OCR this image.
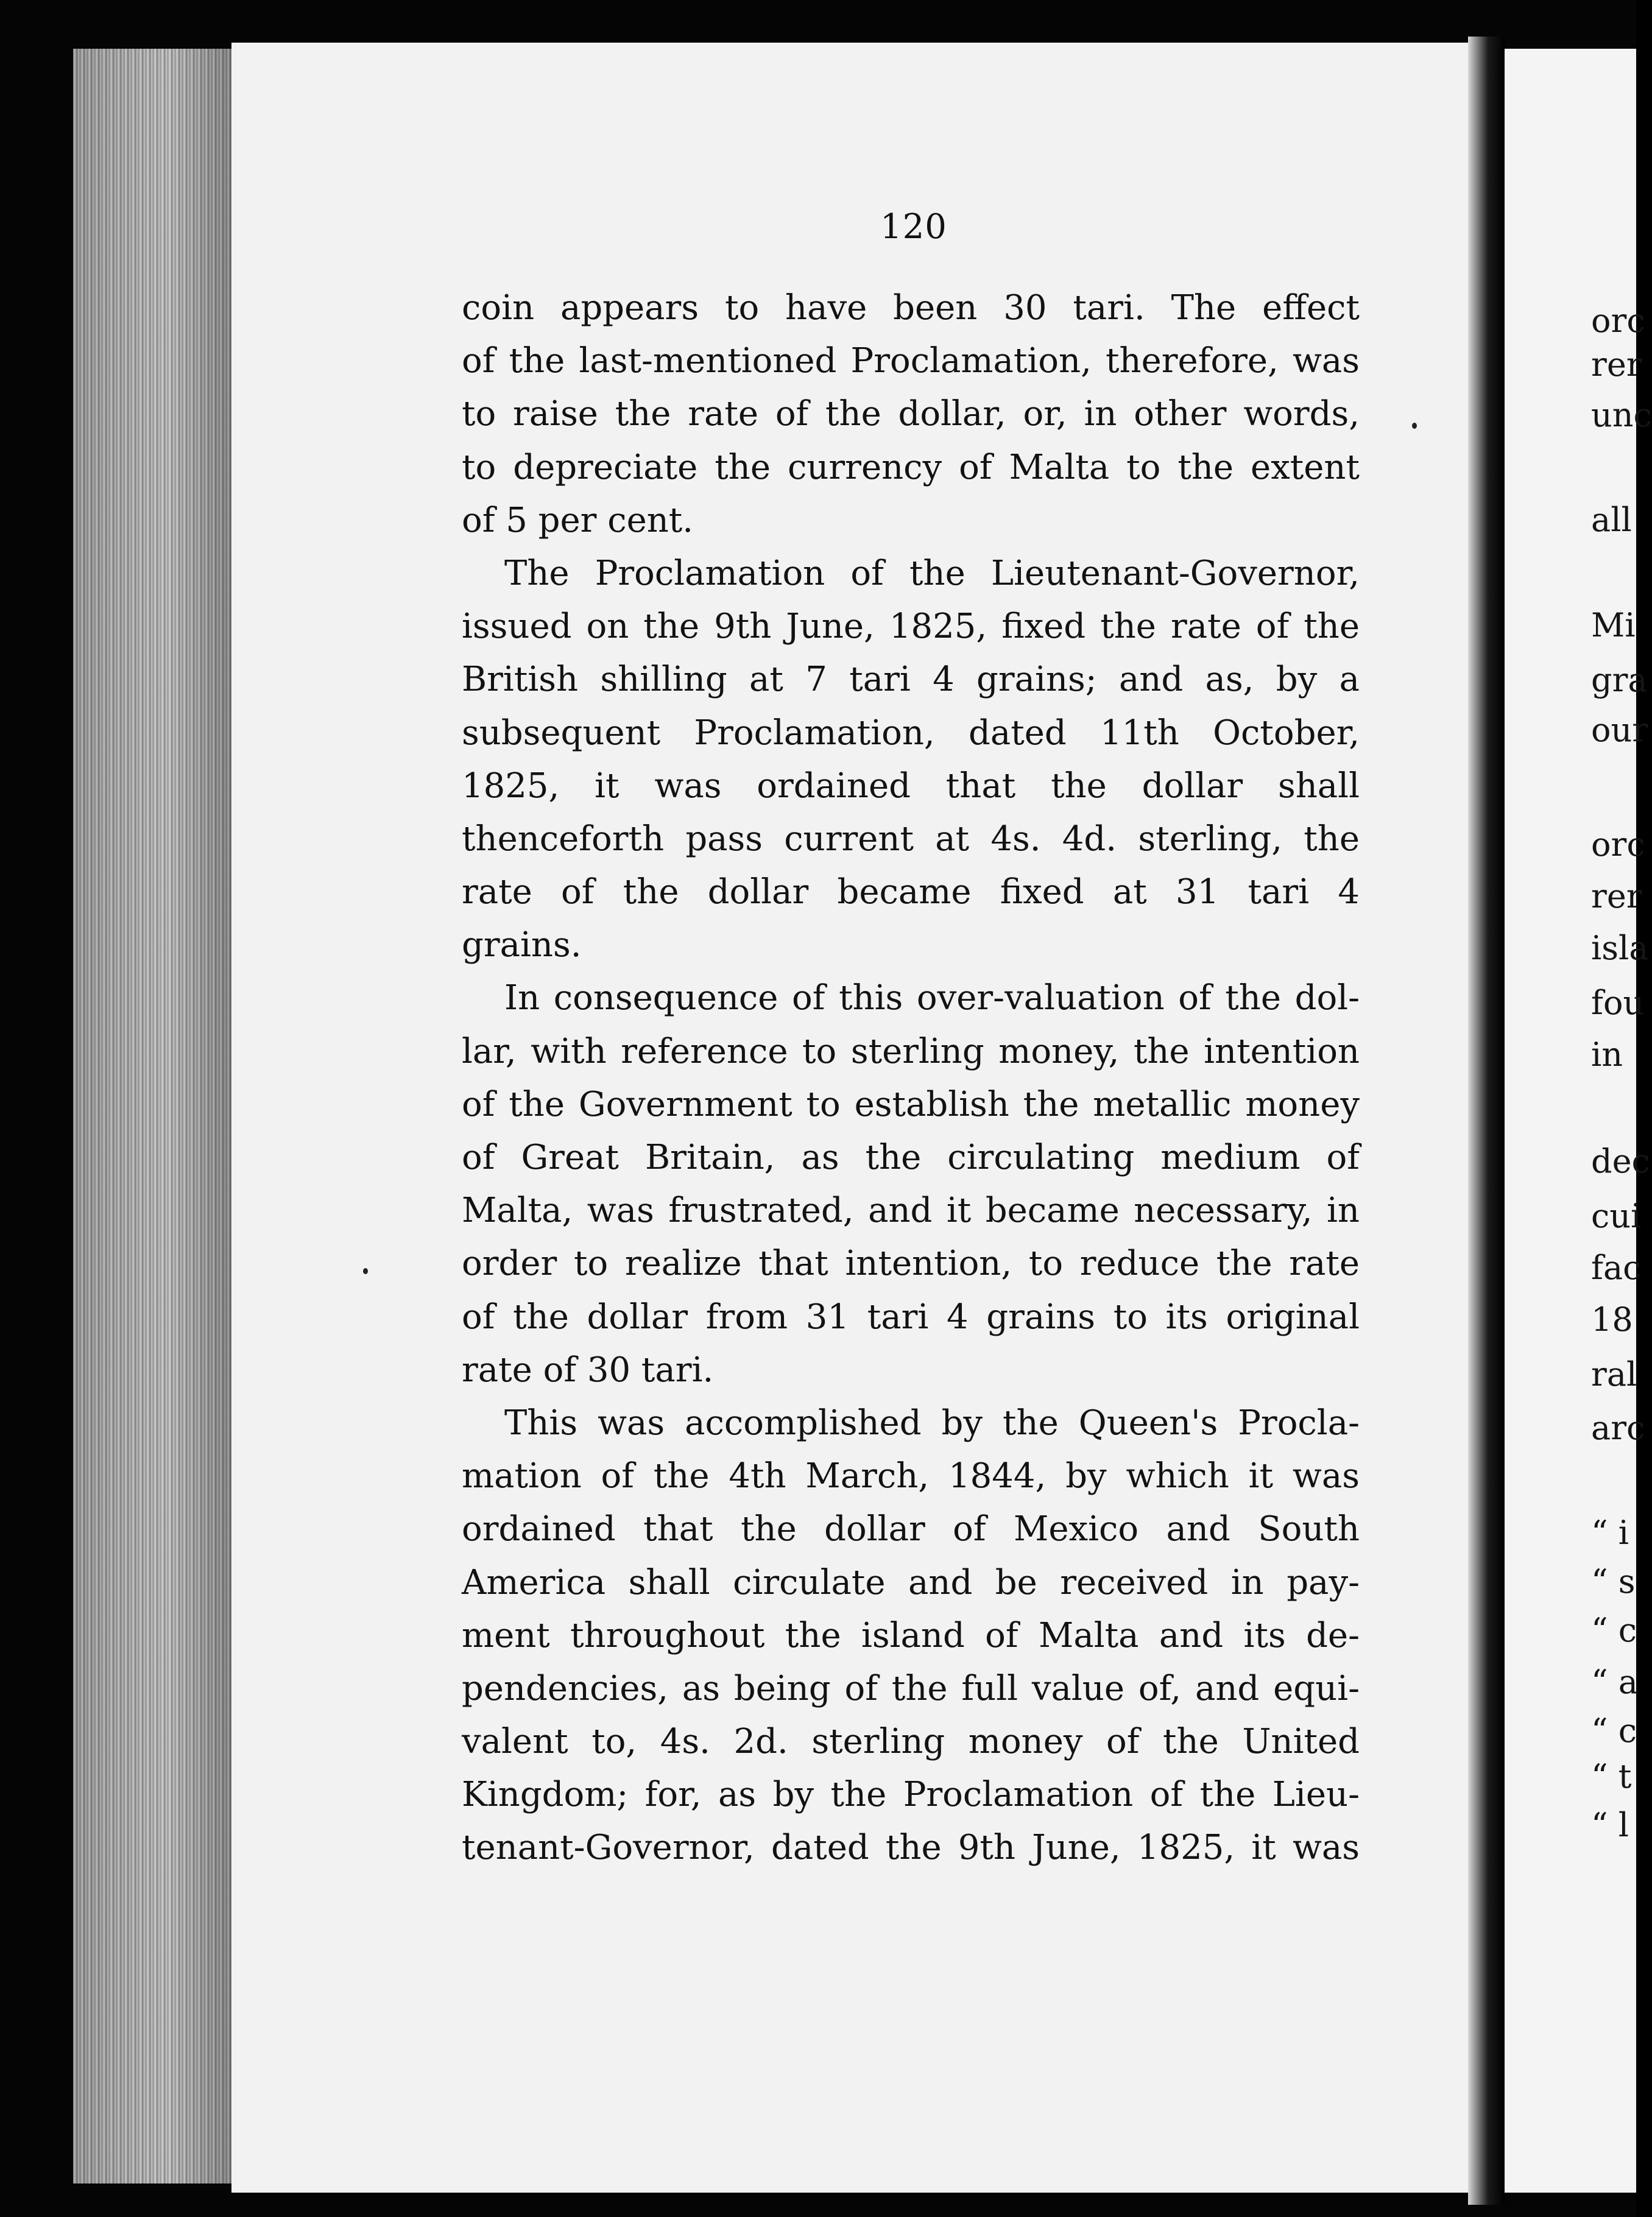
120
coin appears to have been 30 tari. The effect
of the last-mentioned Proclamation, therefore, was
to raise the rate of the dollar, or, in other words,
to depreciate the currency of Malta to the extent
of 5 per cent.
The Proclamation of the Lieutenant-Governor,
issued on the 9th June, 1825, fixed the rate of the
British shilling at 7 tari 4 grains; and as, by a
subsequent Proclamation, dated 11th October,
1825, it was ordained that the dollar shall
thenceforth pass current at 4s. 4d. sterling, the
rate of the dollar became fixed at 31 tari 4
grains.
In consequence of this over-valuation of the dol-
lar, with reference to sterling money, the intention
of the Government to establish the metallic money
of Great Britain, as the circulating medium of
Malta, was frustrated, and it became necessary, in
order to realize that intention, to reduce the rate
of the dollar from 31 tari 4 grains to its original
rate of 30 tari.
This was accomplished by the Queen's Procla-
mation of the 4th March, 1844, by which it was
ordained that the dollar of Mexico and South
America shall circulate and be received in pay-
ment throughout the island of Malta and its de-
pendencies, as being of the full value of, and equi-
valent to, 4s. 2d. sterling money of the United
Kingdom; for, as by the Proclamation of the Lieu-
tenant-Governor, dated the 9th June, 1825, it was
orc
rer
unc
all
Mi
gra
our
orc
rer
isla
fou
in
dec
cui
fac
18
ral
arc
“ i
“ s
“ c
“ a
“ c
“ t
“ l
